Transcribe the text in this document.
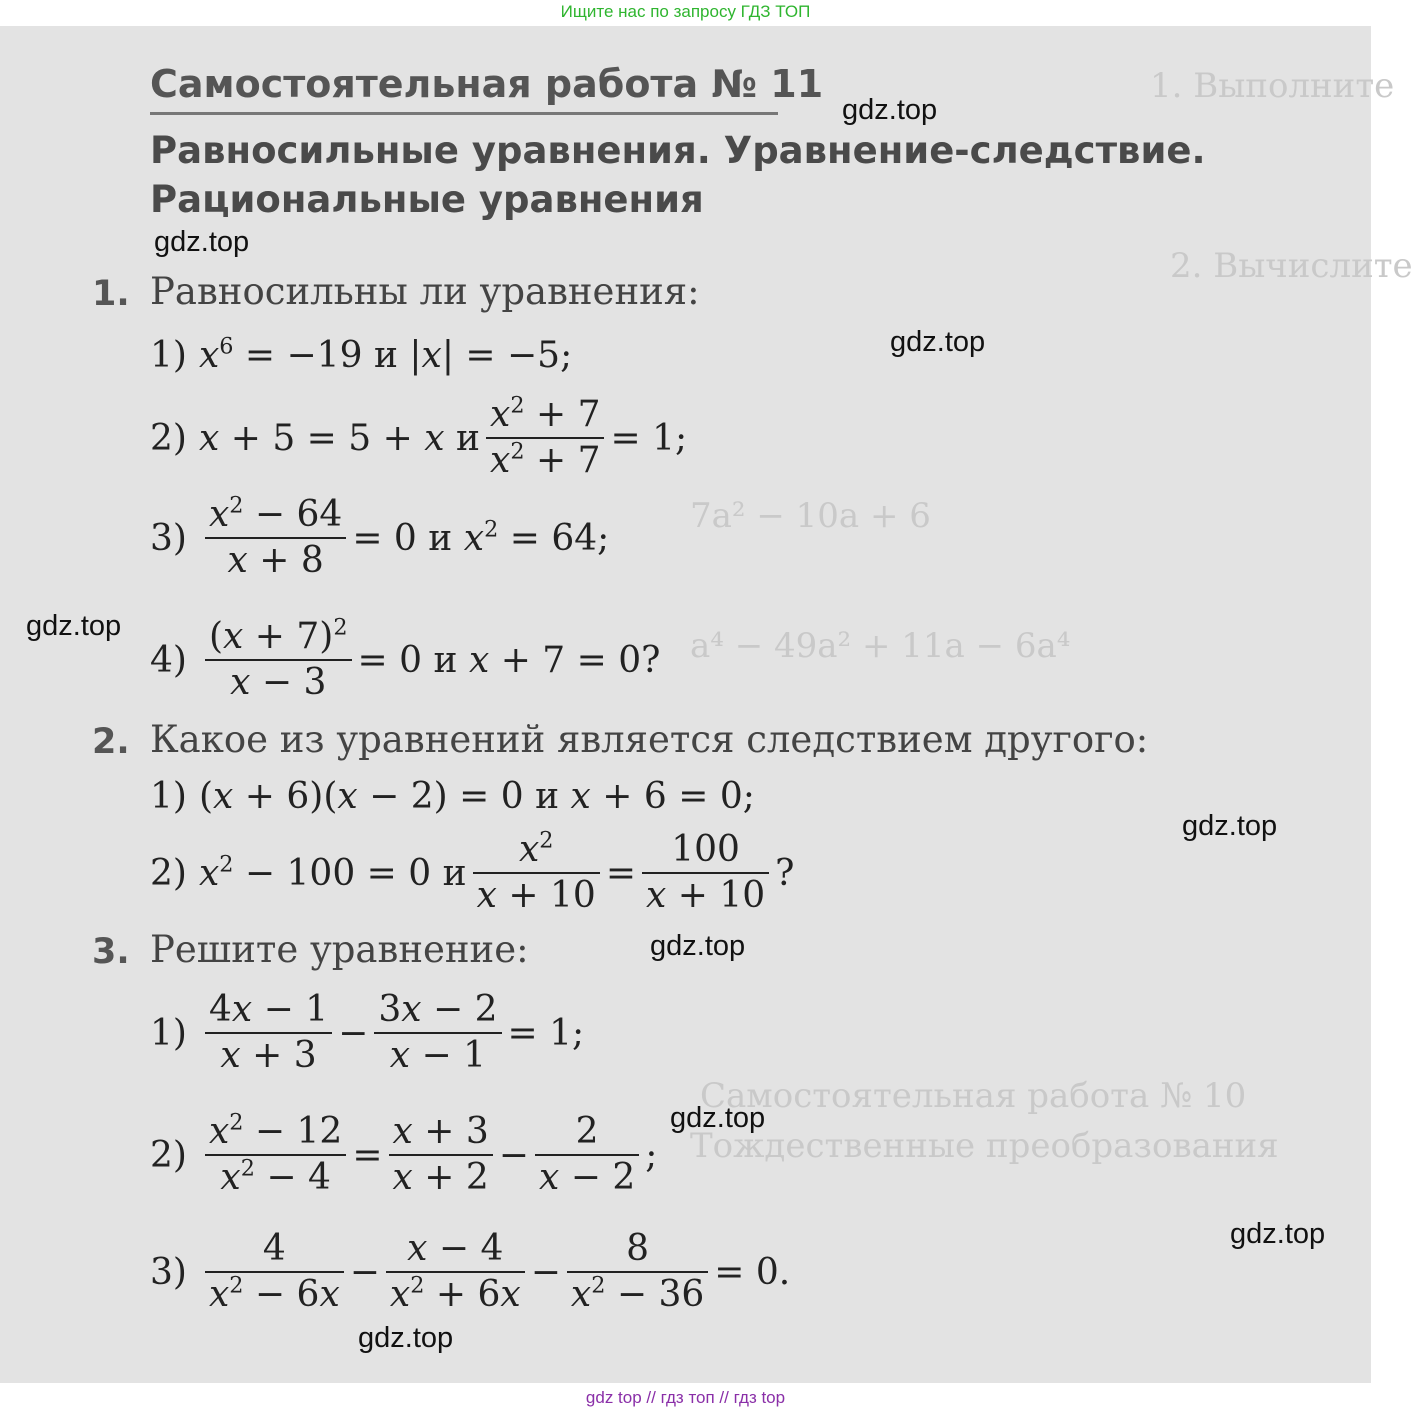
Ищите нас по запросу ГДЗ ТОП
1. Выполните
2. Вычислите
7a² − 10a + 6
a⁴ − 49a² + 11a − 6a⁴
Самостоятельная работа № 10
Тождественные преобразования
Самостоятельная работа № 11
Равносильные уравнения. Уравнение-следствие.
Рациональные уравнения
1. Равносильны ли уравнения:
1) $x^6 = -19$ и |x| = −5;
2) x + 5 = 5 + x и $\frac{x^2 + 7}{x^2 + 7} = 1$;
$3) \frac{x^2 - 64}{x + 8} = 0$ и $x^2 = 64$;
$4) \frac{(x + 7)^2}{x - 3} = 0$ и x + 7 = 0?
2. Какое из уравнений является следствием другого:
1) (x + 6)(x − 2) = 0 и x + 6 = 0;
2) $x^2 - 100 = 0$ и $\frac{x^2}{x + 10} = \frac{100}{x + 10}$ ?
3. Решите уравнение:
$1) \frac{4x - 1}{x + 3} - \frac{3x - 2}{x - 1} = 1$;
$2) \frac{x^2 - 12}{x^2 - 4} = \frac{x + 3}{x + 2} - \frac{2}{x - 2}$ ;
$3) \frac{4}{x^2 - 6x} - \frac{x - 4}{x^2 + 6x} - \frac{8}{x^2 - 36} = 0$.
gdz.top
gdz.top
gdz.top
gdz.top
gdz.top
gdz.top
gdz.top
gdz.top
gdz.top
gdz top // гдз топ // гдз top
